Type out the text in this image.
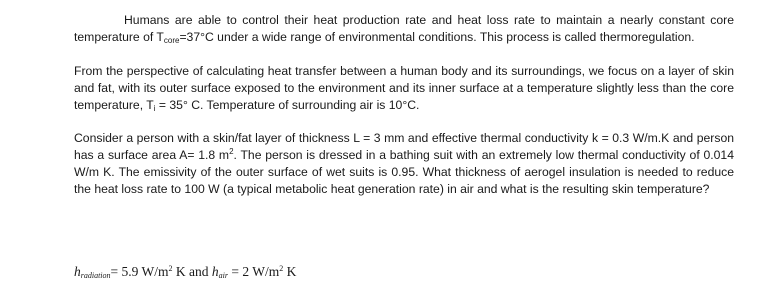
Humans are able to control their heat production rate and heat loss rate to maintain a nearly constant core temperature of $T_{core}=37^\circ C$ under a wide range of environmental conditions. This process is called thermoregulation.

From the perspective of calculating heat transfer between a human body and its surroundings, we focus on a layer of skin and fat, with its outer surface exposed to the environment and its inner surface at a temperature slightly less than the core temperature, $T_i = 35^\circ$ C. Temperature of surrounding air is 10°C.

Consider a person with a skin/fat layer of thickness L = 3 mm and effective thermal conductivity k = 0.3 W/m.K and person has a surface area A= 1.8 $m^2$. The person is dressed in a bathing suit with an extremely low thermal conductivity of 0.014 W/m K. The emissivity of the outer surface of wet suits is 0.95. What thickness of aerogel insulation is needed to reduce the heat loss rate to 100 W (a typical metabolic heat generation rate) in air and what is the resulting skin temperature?

$h_{radiation}= 5.9$ $W/m^2$ K and $h_{air} = 2$ $W/m^2$ K
